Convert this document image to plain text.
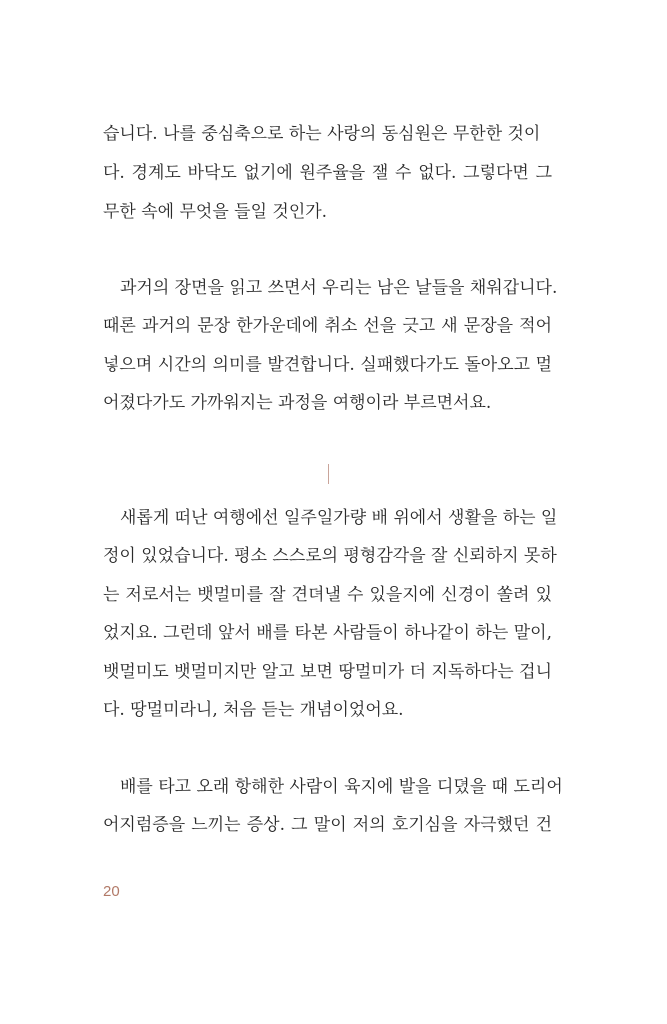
습니다. 나를 중심축으로 하는 사랑의 동심원은 무한한 것이
다. 경계도 바닥도 없기에 원주율을 잴 수 없다. 그렇다면 그
무한 속에 무엇을 들일 것인가.
과거의 장면을 읽고 쓰면서 우리는 남은 날들을 채워갑니다.
때론 과거의 문장 한가운데에 취소 선을 긋고 새 문장을 적어
넣으며 시간의 의미를 발견합니다. 실패했다가도 돌아오고 멀
어졌다가도 가까워지는 과정을 여행이라 부르면서요.
새롭게 떠난 여행에선 일주일가량 배 위에서 생활을 하는 일
정이 있었습니다. 평소 스스로의 평형감각을 잘 신뢰하지 못하
는 저로서는 뱃멀미를 잘 견뎌낼 수 있을지에 신경이 쏠려 있
었지요. 그런데 앞서 배를 타본 사람들이 하나같이 하는 말이,
뱃멀미도 뱃멀미지만 알고 보면 땅멀미가 더 지독하다는 겁니
다. 땅멀미라니, 처음 듣는 개념이었어요.
배를 타고 오래 항해한 사람이 육지에 발을 디뎠을 때 도리어
어지럼증을 느끼는 증상. 그 말이 저의 호기심을 자극했던 건
20
